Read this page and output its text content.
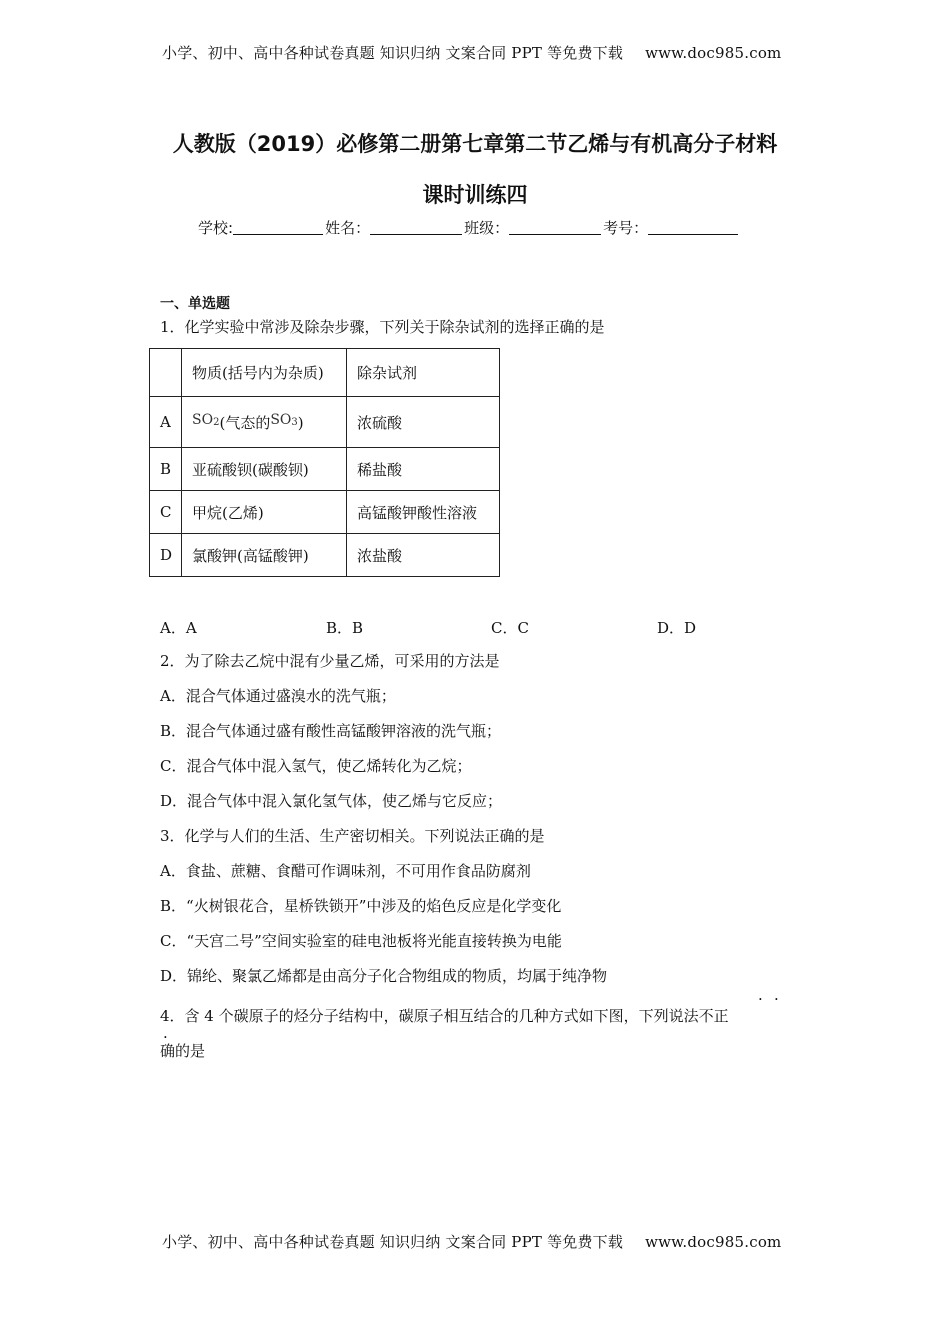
小学、初中、高中各种试卷真题 知识归纳 文案合同 PPT 等免费下载 www.doc985.com
人教版（2019）必修第二册第七章第二节乙烯与有机高分子材料
课时训练四
学校:	姓名：	班级：	考号：
一、单选题
1．化学实验中常涉及除杂步骤，下列关于除杂试剂的选择正确的是
	物质(括号内为杂质)	除杂试剂
A	SO2(气态的SO3)	浓硫酸
B	亚硫酸钡(碳酸钡)	稀盐酸
C	甲烷(乙烯)	高锰酸钾酸性溶液
D	氯酸钾(高锰酸钾)	浓盐酸
A．A	B．B	C．C	D．D
2．为了除去乙烷中混有少量乙烯，可采用的方法是
A．混合气体通过盛溴水的洗气瓶；
B．混合气体通过盛有酸性高锰酸钾溶液的洗气瓶；
C．混合气体中混入氢气，使乙烯转化为乙烷；
D．混合气体中混入氯化氢气体，使乙烯与它反应；
3．化学与人们的生活、生产密切相关。下列说法正确的是
A．食盐、蔗糖、食醋可作调味剂，不可用作食品防腐剂
B．“火树银花合，星桥铁锁开”中涉及的焰色反应是化学变化
C．“天宫二号”空间实验室的硅电池板将光能直接转换为电能
D．锦纶、聚氯乙烯都是由高分子化合物组成的物质，均属于纯净物
· ·
·
4．含 4 个碳原子的烃分子结构中，碳原子相互结合的几种方式如下图，下列说法不正
确的是
小学、初中、高中各种试卷真题 知识归纳 文案合同 PPT 等免费下载 www.doc985.com
